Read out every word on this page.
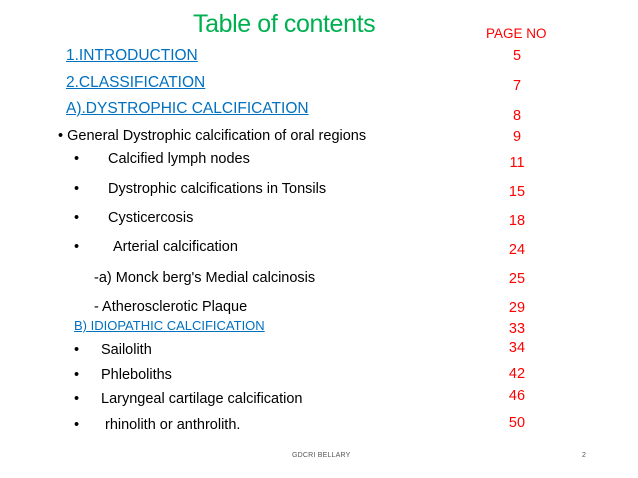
Table of contents	PAGE NO
1.INTRODUCTION	5
2.CLASSIFICATION	7
A).DYSTROPHIC CALCIFICATION	8
• General Dystrophic calcification of oral regions	9
• Calcified lymph nodes	11
• Dystrophic calcifications in Tonsils	15
• Cysticercosis	18
• Arterial calcification	24
-a) Monck berg's Medial calcinosis	25
- Atherosclerotic Plaque	29
B) IDIOPATHIC CALCIFICATION	33
• Sailolith	34
• Phleboliths	42
• Laryngeal cartilage calcification	46
• rhinolith or anthrolith.	50
GDCRI BELLARY	2
